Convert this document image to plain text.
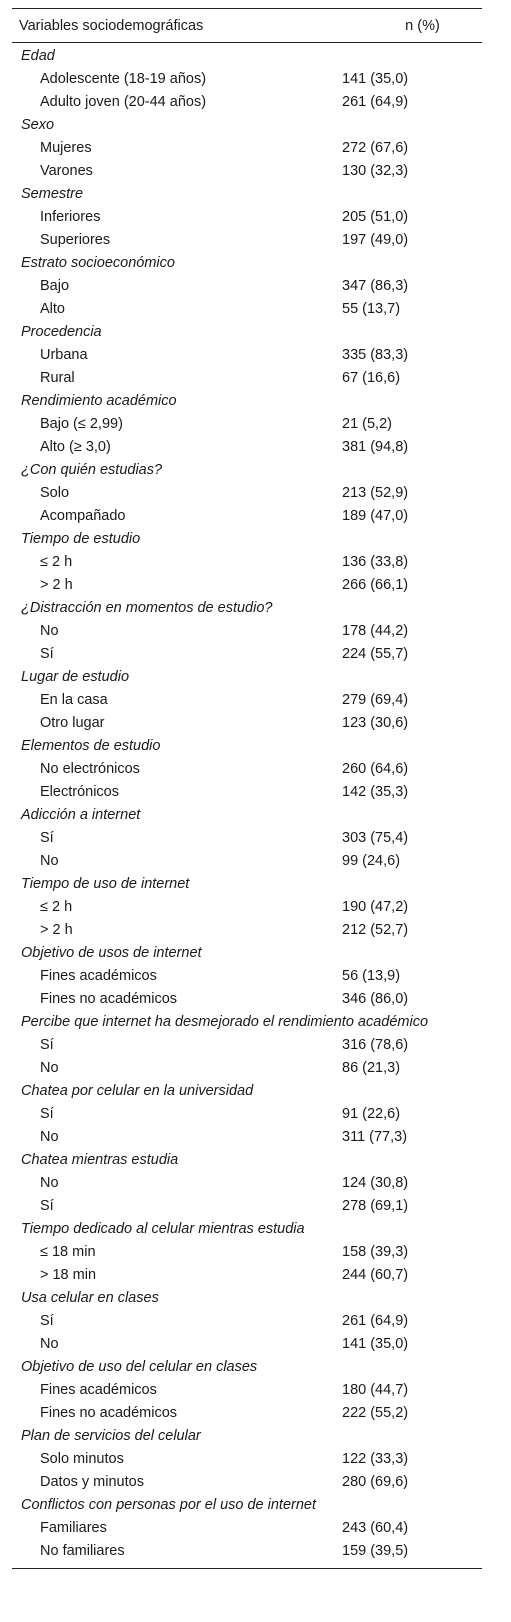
Variables sociodemográficas	n (%)
Edad
Adolescente (18-19 años)	141 (35,0)
Adulto joven (20-44 años)	261 (64,9)
Sexo
Mujeres	272 (67,6)
Varones	130 (32,3)
Semestre
Inferiores	205 (51,0)
Superiores	197 (49,0)
Estrato socioeconómico
Bajo	347 (86,3)
Alto	55 (13,7)
Procedencia
Urbana	335 (83,3)
Rural	67 (16,6)
Rendimiento académico
Bajo (≤ 2,99)	21 (5,2)
Alto (≥ 3,0)	381 (94,8)
¿Con quién estudias?
Solo	213 (52,9)
Acompañado	189 (47,0)
Tiempo de estudio
≤ 2 h	136 (33,8)
> 2 h	266 (66,1)
¿Distracción en momentos de estudio?
No	178 (44,2)
Sí	224 (55,7)
Lugar de estudio
En la casa	279 (69,4)
Otro lugar	123 (30,6)
Elementos de estudio
No electrónicos	260 (64,6)
Electrónicos	142 (35,3)
Adicción a internet
Sí	303 (75,4)
No	99 (24,6)
Tiempo de uso de internet
≤ 2 h	190 (47,2)
> 2 h	212 (52,7)
Objetivo de usos de internet
Fines académicos	56 (13,9)
Fines no académicos	346 (86,0)
Percibe que internet ha desmejorado el rendimiento académico
Sí	316 (78,6)
No	86 (21,3)
Chatea por celular en la universidad
Sí	91 (22,6)
No	311 (77,3)
Chatea mientras estudia
No	124 (30,8)
Sí	278 (69,1)
Tiempo dedicado al celular mientras estudia
≤ 18 min	158 (39,3)
> 18 min	244 (60,7)
Usa celular en clases
Sí	261 (64,9)
No	141 (35,0)
Objetivo de uso del celular en clases
Fines académicos	180 (44,7)
Fines no académicos	222 (55,2)
Plan de servicios del celular
Solo minutos	122 (33,3)
Datos y minutos	280 (69,6)
Conflictos con personas por el uso de internet
Familiares	243 (60,4)
No familiares	159 (39,5)
